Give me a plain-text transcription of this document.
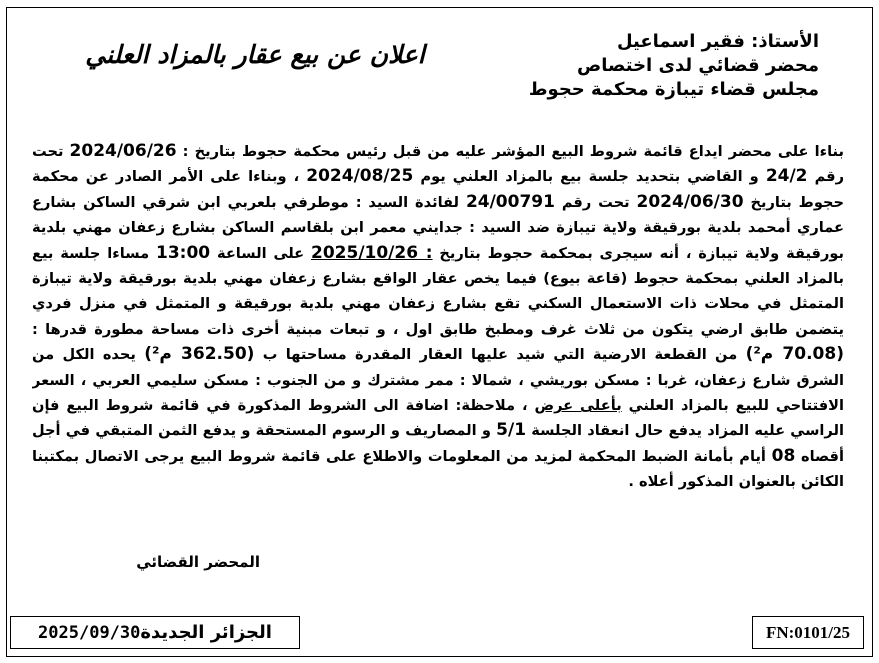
الأستاذ: فقير اسماعيل
محضر قضائي لدى اختصاص
مجلس قضاء تيبازة محكمة حجوط
اعلان عن بيع عقار بالمزاد العلني
بناءا على محضر ايداع قائمة شروط البيع المؤشر عليه من قبل رئيس محكمة حجوط بتاريخ : 2024/06/26 تحت رقم 24/2 و القاضي بتحديد جلسة بيع بالمزاد العلني يوم 2024/08/25 ، وبناءا على الأمر الصادر عن محكمة حجوط بتاريخ 2024/06/30 تحت رقم 24/00791 لفائدة السيد : موطرفي بلعربي ابن شرقي الساكن بشارع عماري أمحمد بلدية بورقيقة ولاية تيبازة ضد السيد : جدايني معمر ابن بلقاسم الساكن بشارع زعفان مهني بلدية بورقيقة ولاية تيبازة ، أنه سيجرى بمحكمة حجوط بتاريخ : 2025/10/26 على الساعة 13:00 مساءا جلسة بيع بالمزاد العلني بمحكمة حجوط (قاعة بيوع) فيما يخص عقار الواقع بشارع زعفان مهني بلدية بورقيقة ولاية تيبازة المتمثل في محلات ذات الاستعمال السكني تقع بشارع زعفان مهني بلدية بورقيقة و المتمثل في منزل فردي يتضمن طابق ارضي يتكون من ثلاث غرف ومطبخ طابق اول ، و تبعات مبنية أخرى ذات مساحة مطورة قدرها : (70.08 م²) من القطعة الارضية التي شيد عليها العقار المقدرة مساحتها ب (362.50 م²) يحده الكل من الشرق شارع زعفان، غربا : مسكن بوريشي ، شمالا : ممر مشترك و من الجنوب : مسكن سليمي العربي ، السعر الافتتاحي للبيع بالمزاد العلني بأعلى عرض ، ملاحظة: اضافة الى الشروط المذكورة في قائمة شروط البيع فإن الراسي عليه المزاد يدفع حال انعقاد الجلسة 5/1 و المصاريف و الرسوم المستحقة و يدفع الثمن المتبقي في أجل أقصاه 08 أيام بأمانة الضبط المحكمة لمزيد من المعلومات والاطلاع على قائمة شروط البيع يرجى الاتصال بمكتبنا الكائن بالعنوان المذكور أعلاه .
المحضر القضائي
الجزائر الجديدة
2025/09/30	FN:0101/25
